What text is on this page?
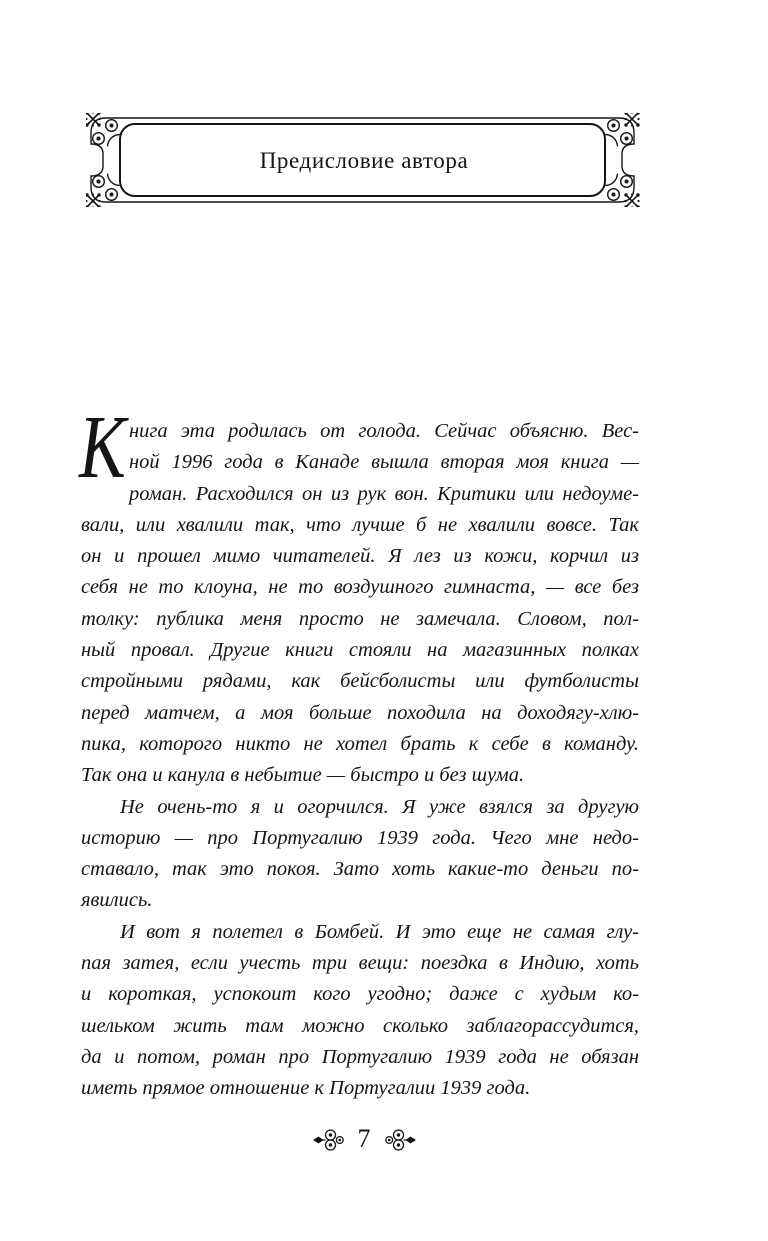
Предисловие автора
К нига эта родилась от голода. Сейчас объясню. Вес-
ной 1996 года в Канаде вышла вторая моя книга —
роман. Расходился он из рук вон. Критики или недоуме-
вали, или хвалили так, что лучше б не хвалили вовсе. Так
он и прошел мимо читателей. Я лез из кожи, корчил из
себя не то клоуна, не то воздушного гимнаста, — все без
толку: публика меня просто не замечала. Словом, пол-
ный провал. Другие книги стояли на магазинных полках
стройными рядами, как бейсболисты или футболисты
перед матчем, а моя больше походила на доходягу-хлю-
пика, которого никто не хотел брать к себе в команду.
Так она и канула в небытие — быстро и без шума.
Не очень-то я и огорчился. Я уже взялся за другую
историю — про Португалию 1939 года. Чего мне недо-
ставало, так это покоя. Зато хоть какие-то деньги по-
явились.
И вот я полетел в Бомбей. И это еще не самая глу-
пая затея, если учесть три вещи: поездка в Индию, хоть
и короткая, успокоит кого угодно; даже с худым ко-
шельком жить там можно сколько заблагорассудится,
да и потом, роман про Португалию 1939 года не обязан
иметь прямое отношение к Португалии 1939 года.
7
